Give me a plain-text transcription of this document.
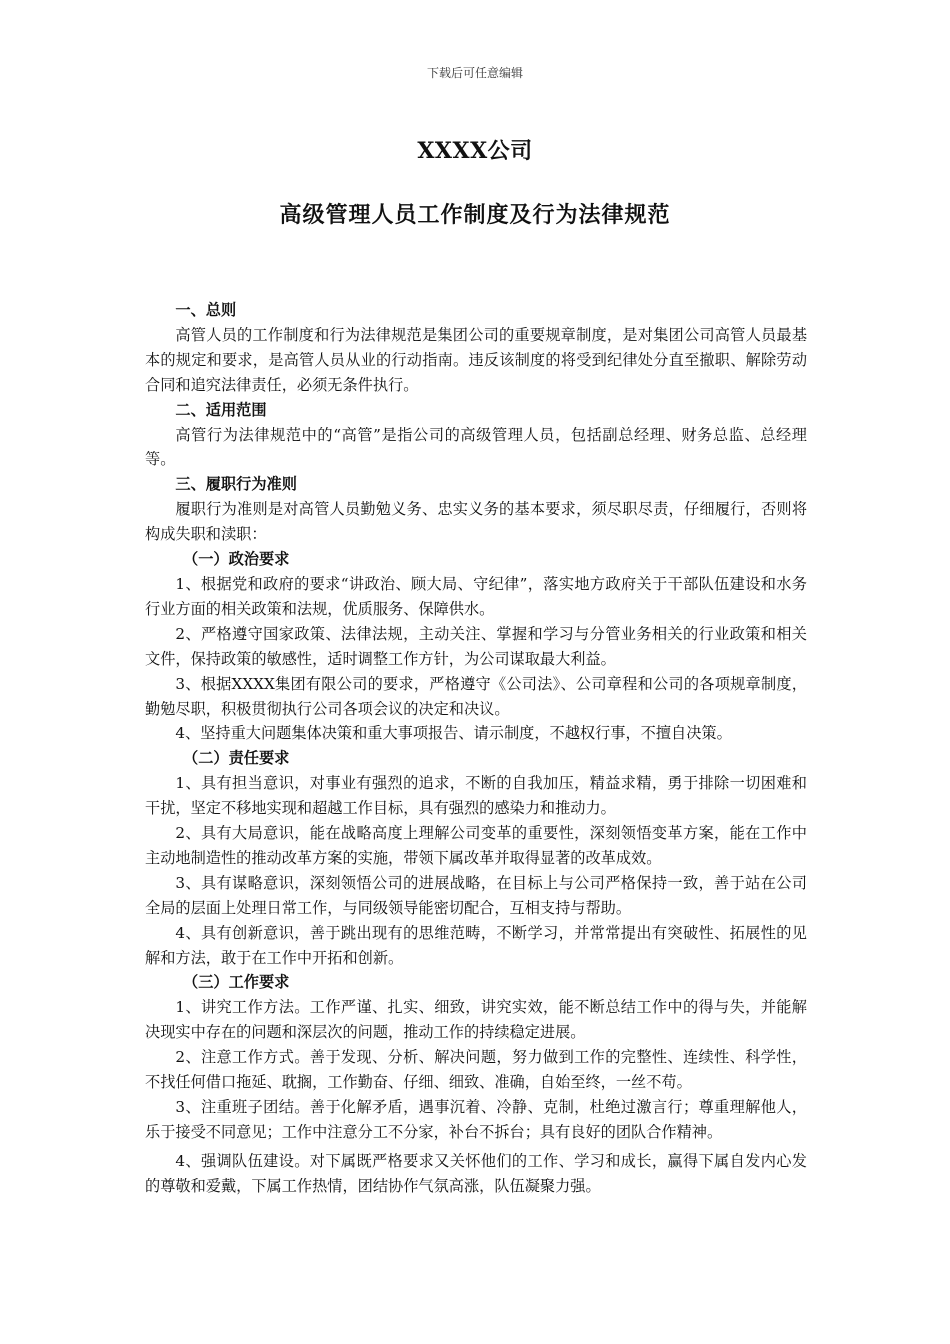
下载后可任意编辑
XXXX公司
高级管理人员工作制度及行为法律规范

一、总则

高管人员的工作制度和行为法律规范是集团公司的重要规章制度，是对集团公司高管人员最基本的规定和要求，是高管人员从业的行动指南。违反该制度的将受到纪律处分直至撤职、解除劳动合同和追究法律责任，必须无条件执行。

二、适用范围

高管行为法律规范中的“高管”是指公司的高级管理人员，包括副总经理、财务总监、总经理等。

三、履职行为准则

履职行为准则是对高管人员勤勉义务、忠实义务的基本要求，须尽职尽责，仔细履行，否则将构成失职和渎职：

（一）政治要求

1、根据党和政府的要求“讲政治、顾大局、守纪律”，落实地方政府关于干部队伍建设和水务行业方面的相关政策和法规，优质服务、保障供水。

2、严格遵守国家政策、法律法规，主动关注、掌握和学习与分管业务相关的行业政策和相关文件，保持政策的敏感性，适时调整工作方针，为公司谋取最大利益。

3、根据XXXX集团有限公司的要求，严格遵守《公司法》、公司章程和公司的各项规章制度，勤勉尽职，积极贯彻执行公司各项会议的决定和决议。

4、坚持重大问题集体决策和重大事项报告、请示制度，不越权行事，不擅自决策。

（二）责任要求

1、具有担当意识，对事业有强烈的追求，不断的自我加压，精益求精，勇于排除一切困难和干扰，坚定不移地实现和超越工作目标，具有强烈的感染力和推动力。

2、具有大局意识，能在战略高度上理解公司变革的重要性，深刻领悟变革方案，能在工作中主动地制造性的推动改革方案的实施，带领下属改革并取得显著的改革成效。

3、具有谋略意识，深刻领悟公司的进展战略，在目标上与公司严格保持一致，善于站在公司全局的层面上处理日常工作，与同级领导能密切配合，互相支持与帮助。

4、具有创新意识，善于跳出现有的思维范畴，不断学习，并常常提出有突破性、拓展性的见解和方法，敢于在工作中开拓和创新。

（三）工作要求

1、讲究工作方法。工作严谨、扎实、细致，讲究实效，能不断总结工作中的得与失，并能解决现实中存在的问题和深层次的问题，推动工作的持续稳定进展。

2、注意工作方式。善于发现、分析、解决问题，努力做到工作的完整性、连续性、科学性，不找任何借口拖延、耽搁，工作勤奋、仔细、细致、准确，自始至终，一丝不苟。

3、注重班子团结。善于化解矛盾，遇事沉着、冷静、克制，杜绝过激言行；尊重理解他人，乐于接受不同意见；工作中注意分工不分家，补台不拆台；具有良好的团队合作精神。

4、强调队伍建设。对下属既严格要求又关怀他们的工作、学习和成长，赢得下属自发内心发的尊敬和爱戴，下属工作热情，团结协作气氛高涨，队伍凝聚力强。
